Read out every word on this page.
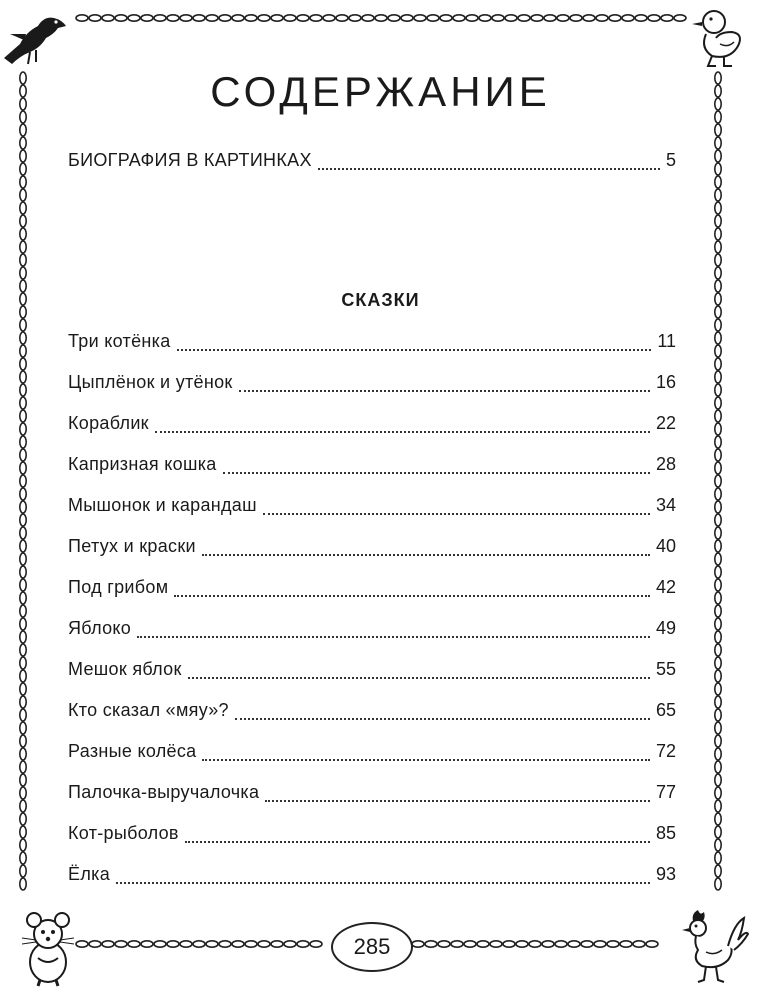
СОДЕРЖАНИЕ
БИОГРАФИЯ В КАРТИНКАХ	5
СКАЗКИ
Три котёнка	11
Цыплёнок и утёнок	16
Кораблик	22
Капризная кошка	28
Мышонок и карандаш	34
Петух и краски	40
Под грибом	42
Яблоко	49
Мешок яблок	55
Кто сказал «мяу»?	65
Разные колёса	72
Палочка-выручалочка	77
Кот-рыболов	85
Ёлка	93
285
